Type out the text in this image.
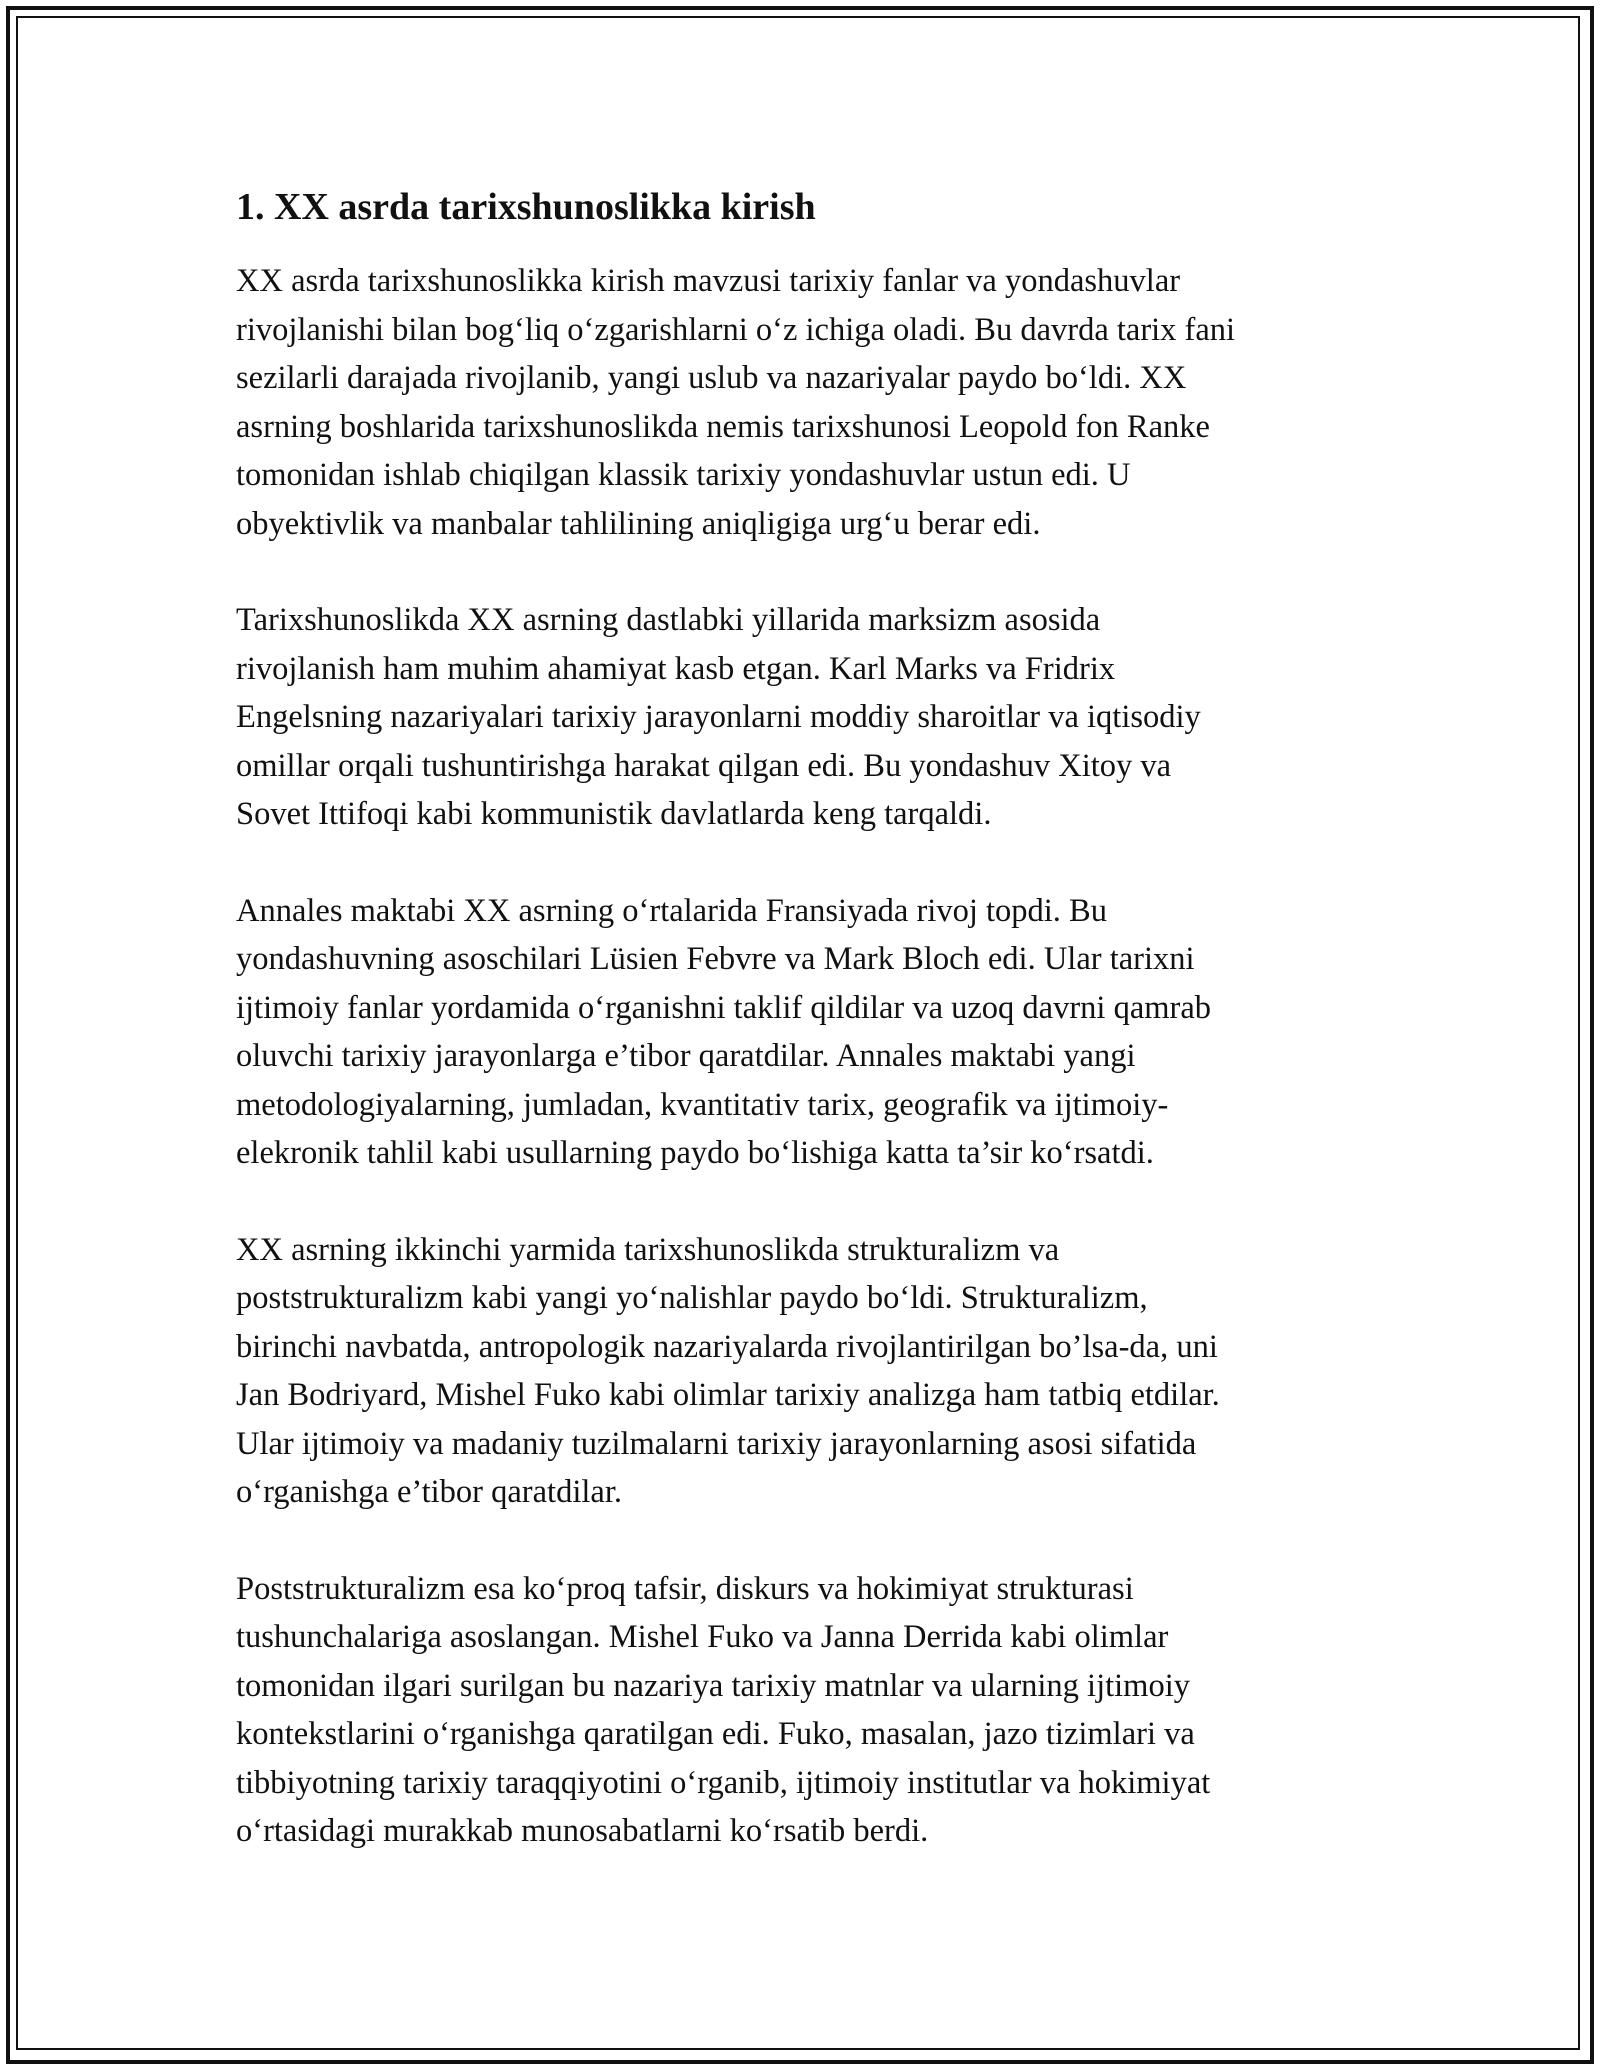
1. XX asrda tarixshunoslikka kirish

XX asrda tarixshunoslikka kirish mavzusi tarixiy fanlar va yondashuvlar
rivojlanishi bilan bog‘liq o‘zgarishlarni o‘z ichiga oladi. Bu davrda tarix fani
sezilarli darajada rivojlanib, yangi uslub va nazariyalar paydo bo‘ldi. XX
asrning boshlarida tarixshunoslikda nemis tarixshunosi Leopold fon Ranke
tomonidan ishlab chiqilgan klassik tarixiy yondashuvlar ustun edi. U
obyektivlik va manbalar tahlilining aniqligiga urg‘u berar edi.

Tarixshunoslikda XX asrning dastlabki yillarida marksizm asosida
rivojlanish ham muhim ahamiyat kasb etgan. Karl Marks va Fridrix
Engelsning nazariyalari tarixiy jarayonlarni moddiy sharoitlar va iqtisodiy
omillar orqali tushuntirishga harakat qilgan edi. Bu yondashuv Xitoy va
Sovet Ittifoqi kabi kommunistik davlatlarda keng tarqaldi.

Annales maktabi XX asrning o‘rtalarida Fransiyada rivoj topdi. Bu
yondashuvning asoschilari Lüsien Febvre va Mark Bloch edi. Ular tarixni
ijtimoiy fanlar yordamida o‘rganishni taklif qildilar va uzoq davrni qamrab
oluvchi tarixiy jarayonlarga e’tibor qaratdilar. Annales maktabi yangi
metodologiyalarning, jumladan, kvantitativ tarix, geografik va ijtimoiy-
elekronik tahlil kabi usullarning paydo bo‘lishiga katta ta’sir ko‘rsatdi.

XX asrning ikkinchi yarmida tarixshunoslikda strukturalizm va
poststrukturalizm kabi yangi yo‘nalishlar paydo bo‘ldi. Strukturalizm,
birinchi navbatda, antropologik nazariyalarda rivojlantirilgan bo’lsa-da, uni
Jan Bodriyard, Mishel Fuko kabi olimlar tarixiy analizga ham tatbiq etdilar.
Ular ijtimoiy va madaniy tuzilmalarni tarixiy jarayonlarning asosi sifatida
o‘rganishga e’tibor qaratdilar.

Poststrukturalizm esa ko‘proq tafsir, diskurs va hokimiyat strukturasi
tushunchalariga asoslangan. Mishel Fuko va Janna Derrida kabi olimlar
tomonidan ilgari surilgan bu nazariya tarixiy matnlar va ularning ijtimoiy
kontekstlarini o‘rganishga qaratilgan edi. Fuko, masalan, jazo tizimlari va
tibbiyotning tarixiy taraqqiyotini o‘rganib, ijtimoiy institutlar va hokimiyat
o‘rtasidagi murakkab munosabatlarni ko‘rsatib berdi.
